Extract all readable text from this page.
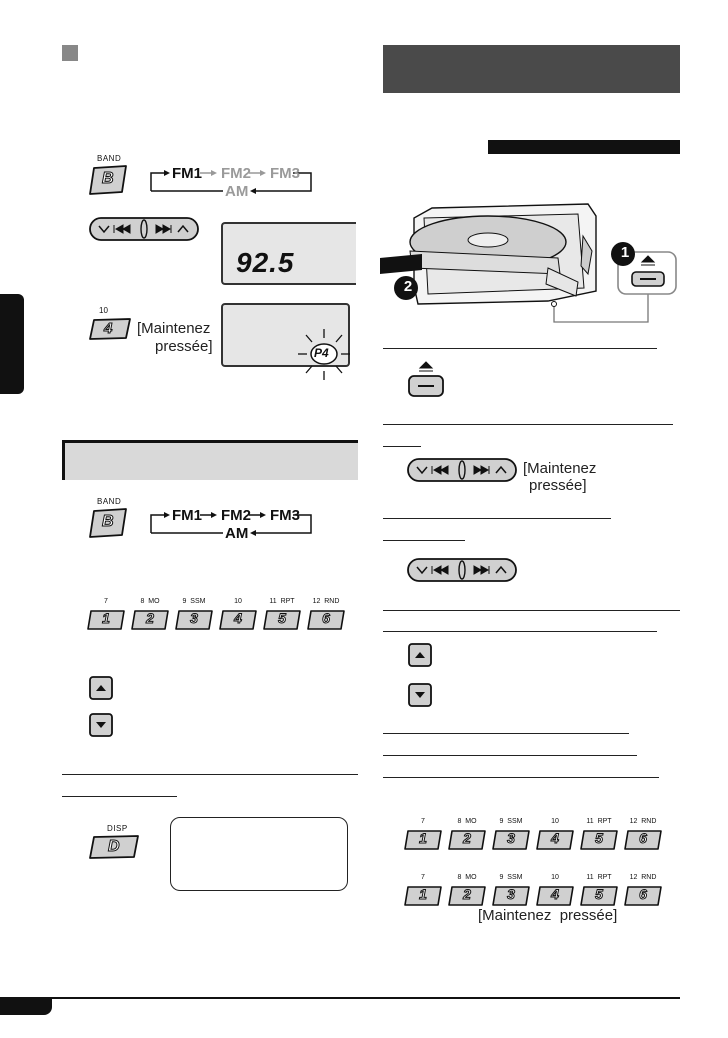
BAND
B	FM1 FM2 FM3
AM
92.5
10
4 [Maintenez
pressée]	P4
BAND
B	FM1 FM2 FM3
AM
7
1
8  MO
2
9  SSM
3
10
4
11  RPT
5
12  RND
6
DISP
D
1
2
[Maintenez
pressée]
7
1
8  MO
2
9  SSM
3
10
4
11  RPT
5
12  RND
6
7
1
8  MO
2
9  SSM
3
10
4
11  RPT
5
12  RND
6
[Maintenez  pressée]
